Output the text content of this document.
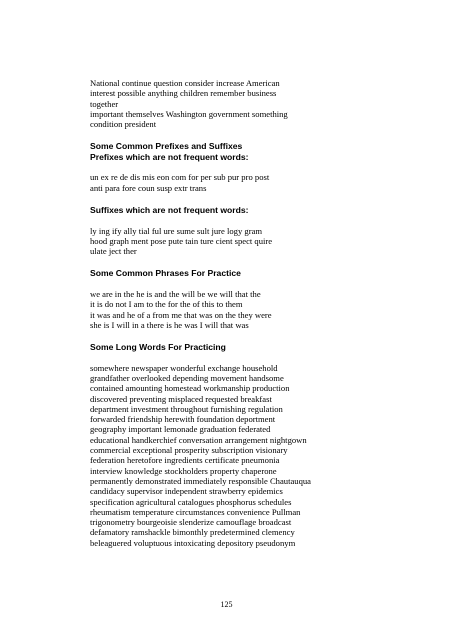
National continue question consider increase American
interest possible anything children remember business
together
important themselves Washington government something
condition president
Some Common Prefixes and Suffixes
Prefixes which are not frequent words:
un ex re de dis mis eon com for per sub pur pro post
anti para fore coun susp extr trans
Suffixes which are not frequent words:
ly ing ify ally tial ful ure sume sult jure logy gram
hood graph ment pose pute tain ture cient spect quire
ulate ject ther
Some Common Phrases For Practice
we are in the he is and the will be we will that the
it is do not I am to the for the of this to them
it was and he of a from me that was on the they were
she is I will in a there is he was I will that was
Some Long Words For Practicing
somewhere newspaper wonderful exchange household
grandfather overlooked depending movement handsome
contained amounting homestead workmanship production
discovered preventing misplaced requested breakfast
department investment throughout furnishing regulation
forwarded friendship herewith foundation deportment
geography important lemonade graduation federated
educational handkerchief conversation arrangement nightgown
commercial exceptional prosperity subscription visionary
federation heretofore ingredients certificate pneumonia
interview knowledge stockholders property chaperone
permanently demonstrated immediately responsible Chautauqua
candidacy supervisor independent strawberry epidemics
specification agricultural catalogues phosphorus schedules
rheumatism temperature circumstances convenience Pullman
trigonometry bourgeoisie slenderize camouflage broadcast
defamatory ramshackle bimonthly predetermined clemency
beleaguered voluptuous intoxicating depository pseudonym
125
